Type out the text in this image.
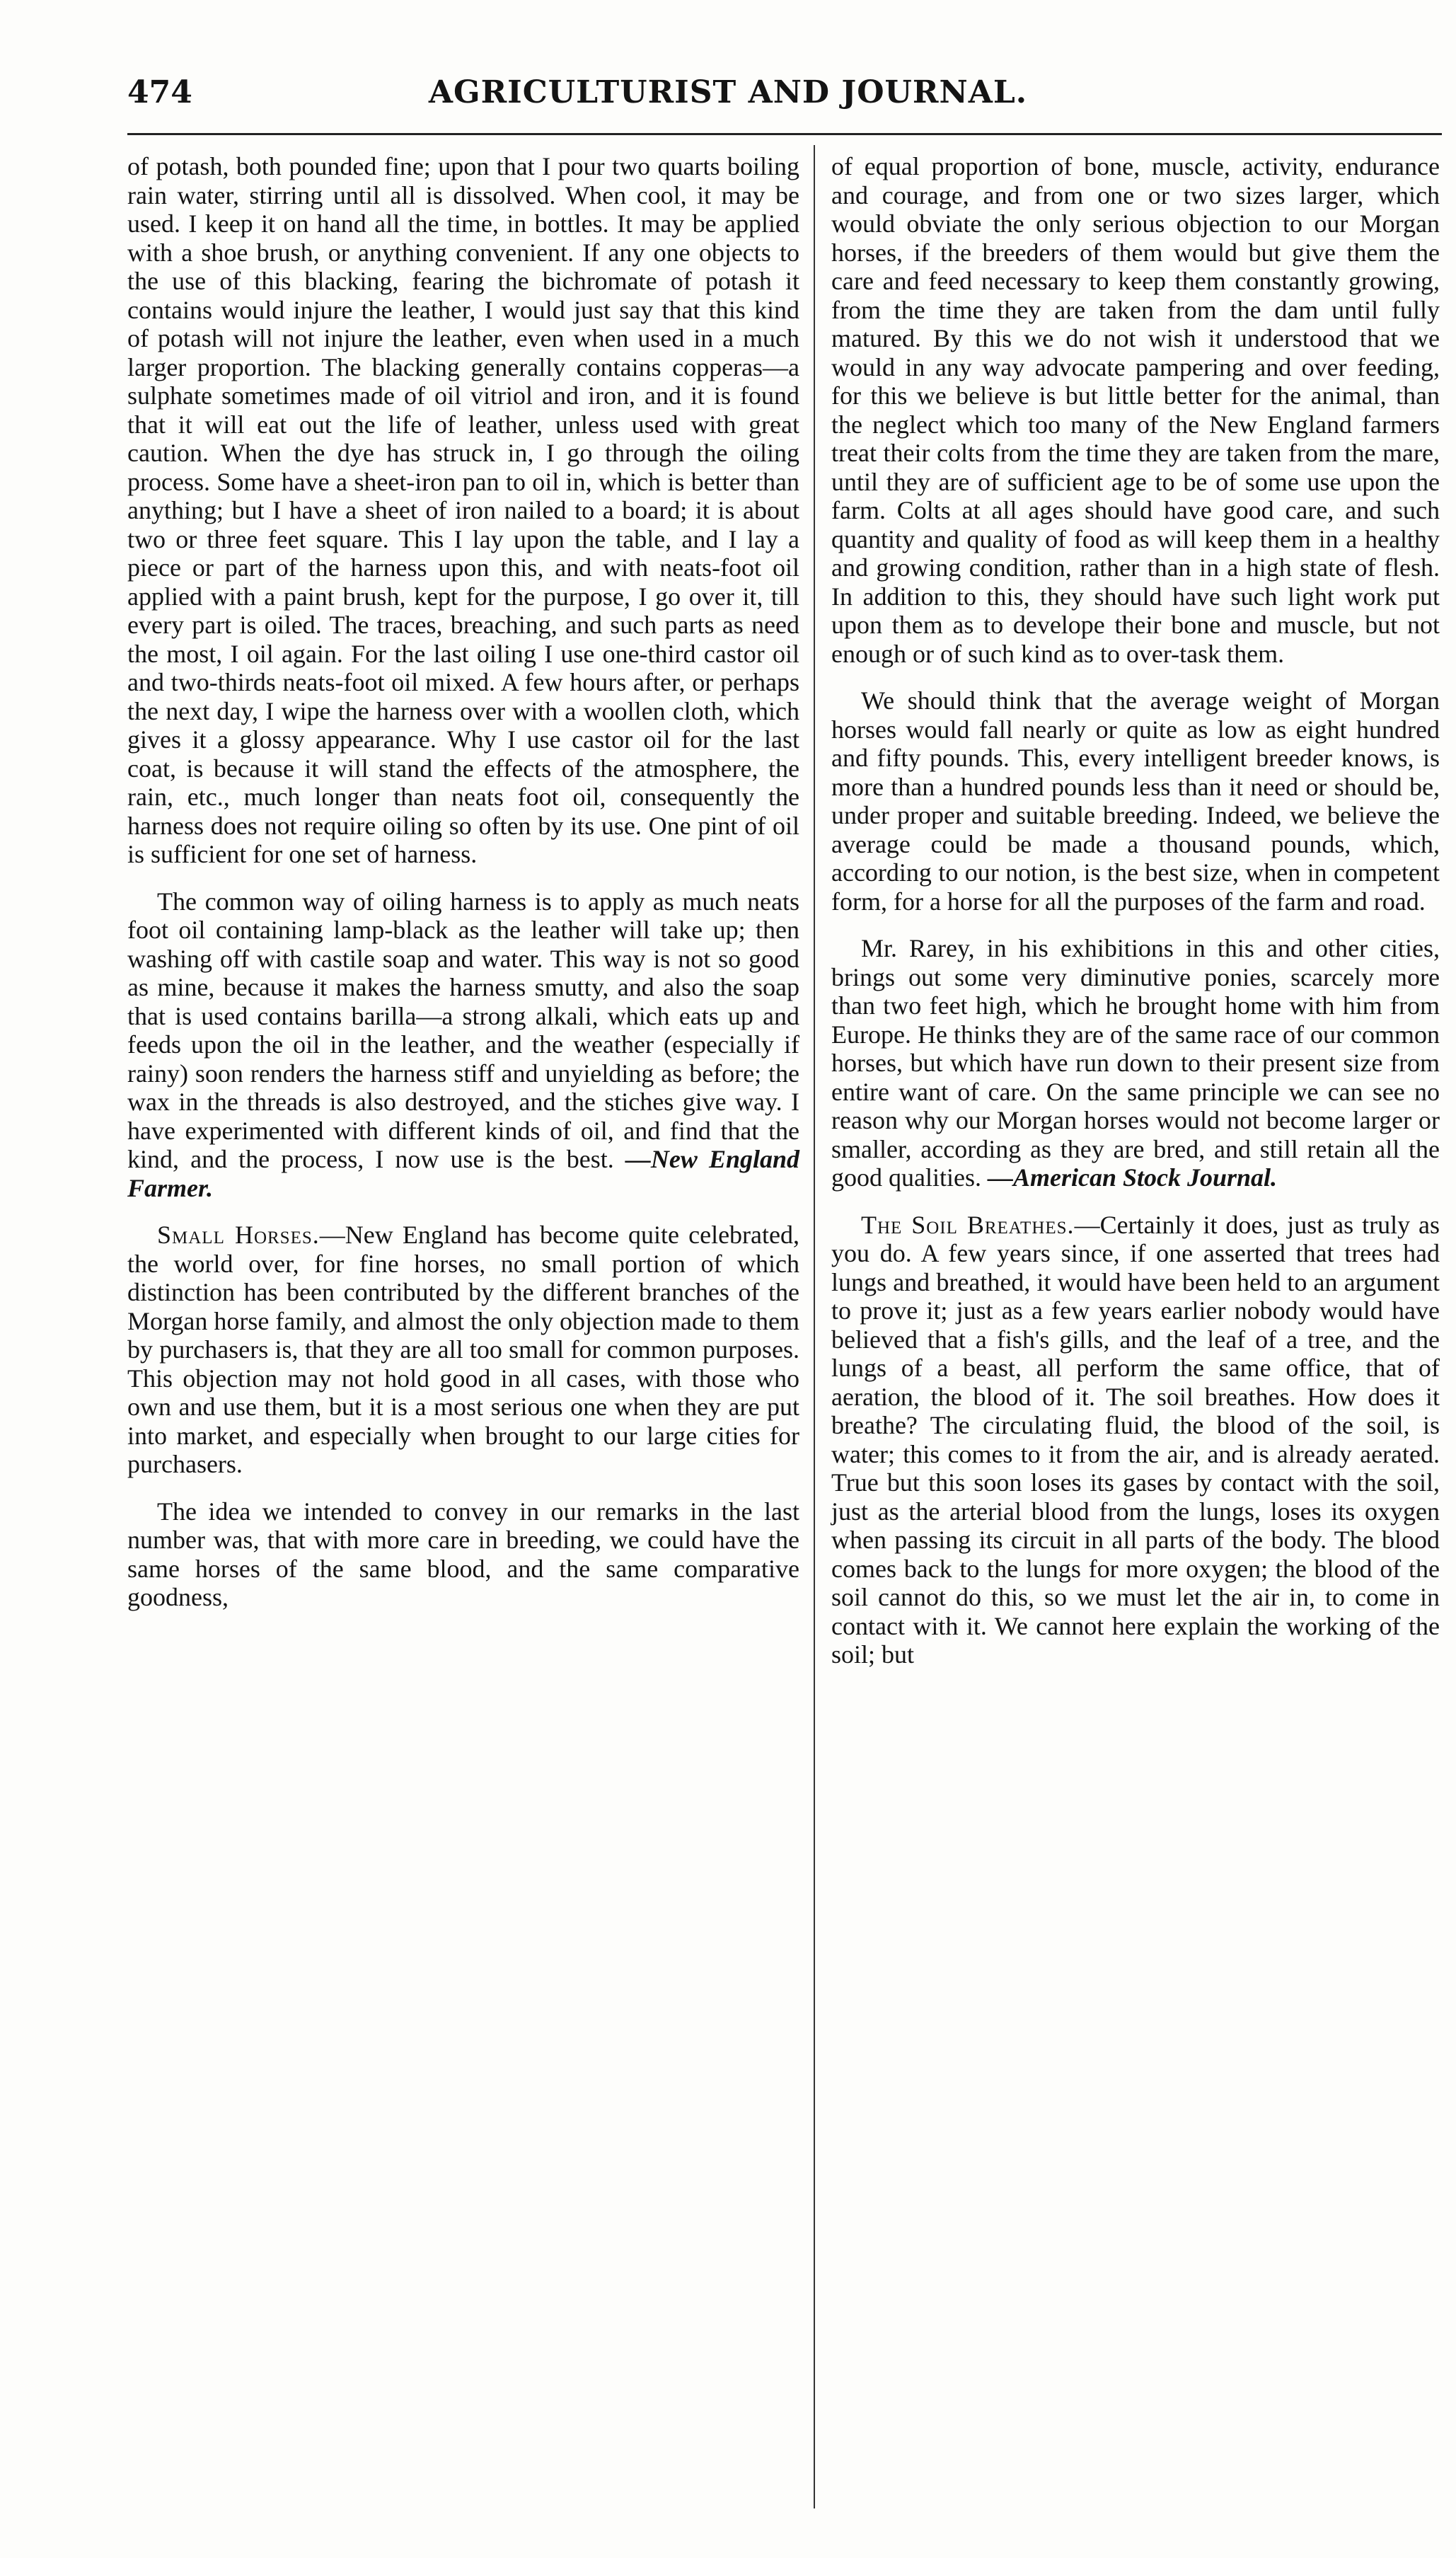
474	AGRICULTURIST AND JOURNAL.

of potash, both pounded fine; upon that I pour two quarts boiling rain water, stirring until all is dissolved. When cool, it may be used. I keep it on hand all the time, in bottles. It may be applied with a shoe brush, or anything convenient. If any one objects to the use of this blacking, fearing the bichromate of potash it contains would injure the leather, I would just say that this kind of potash will not injure the leather, even when used in a much larger proportion. The blacking generally contains copperas—a sulphate sometimes made of oil vitriol and iron, and it is found that it will eat out the life of leather, unless used with great caution. When the dye has struck in, I go through the oiling process. Some have a sheet-iron pan to oil in, which is better than anything; but I have a sheet of iron nailed to a board; it is about two or three feet square. This I lay upon the table, and I lay a piece or part of the harness upon this, and with neats-foot oil applied with a paint brush, kept for the purpose, I go over it, till every part is oiled. The traces, breaching, and such parts as need the most, I oil again. For the last oiling I use one-third castor oil and two-thirds neats-foot oil mixed. A few hours after, or perhaps the next day, I wipe the harness over with a woollen cloth, which gives it a glossy appearance. Why I use castor oil for the last coat, is because it will stand the effects of the atmosphere, the rain, etc., much longer than neats foot oil, consequently the harness does not require oiling so often by its use. One pint of oil is sufficient for one set of harness.

The common way of oiling harness is to apply as much neats foot oil containing lamp-black as the leather will take up; then washing off with castile soap and water. This way is not so good as mine, because it makes the harness smutty, and also the soap that is used contains barilla—a strong alkali, which eats up and feeds upon the oil in the leather, and the weather (especially if rainy) soon renders the harness stiff and unyielding as before; the wax in the threads is also destroyed, and the stiches give way. I have experimented with different kinds of oil, and find that the kind, and the process, I now use is the best. —New England Farmer.

Small Horses.—New England has become quite celebrated, the world over, for fine horses, no small portion of which distinction has been contributed by the different branches of the Morgan horse family, and almost the only objection made to them by purchasers is, that they are all too small for common purposes. This objection may not hold good in all cases, with those who own and use them, but it is a most serious one when they are put into market, and especially when brought to our large cities for purchasers.

The idea we intended to convey in our remarks in the last number was, that with more care in breeding, we could have the same horses of the same blood, and the same comparative goodness,

of equal proportion of bone, muscle, activity, endurance and courage, and from one or two sizes larger, which would obviate the only serious objection to our Morgan horses, if the breeders of them would but give them the care and feed necessary to keep them constantly growing, from the time they are taken from the dam until fully matured. By this we do not wish it understood that we would in any way advocate pampering and over feeding, for this we believe is but little better for the animal, than the neglect which too many of the New England farmers treat their colts from the time they are taken from the mare, until they are of sufficient age to be of some use upon the farm. Colts at all ages should have good care, and such quantity and quality of food as will keep them in a healthy and growing condition, rather than in a high state of flesh. In addition to this, they should have such light work put upon them as to develope their bone and muscle, but not enough or of such kind as to over-task them.

We should think that the average weight of Morgan horses would fall nearly or quite as low as eight hundred and fifty pounds. This, every intelligent breeder knows, is more than a hundred pounds less than it need or should be, under proper and suitable breeding. Indeed, we believe the average could be made a thousand pounds, which, according to our notion, is the best size, when in competent form, for a horse for all the purposes of the farm and road.

Mr. Rarey, in his exhibitions in this and other cities, brings out some very diminutive ponies, scarcely more than two feet high, which he brought home with him from Europe. He thinks they are of the same race of our common horses, but which have run down to their present size from entire want of care. On the same principle we can see no reason why our Morgan horses would not become larger or smaller, according as they are bred, and still retain all the good qualities. —American Stock Journal.

The Soil Breathes.—Certainly it does, just as truly as you do. A few years since, if one asserted that trees had lungs and breathed, it would have been held to an argument to prove it; just as a few years earlier nobody would have believed that a fish's gills, and the leaf of a tree, and the lungs of a beast, all perform the same office, that of aeration, the blood of it. The soil breathes. How does it breathe? The circulating fluid, the blood of the soil, is water; this comes to it from the air, and is already aerated. True but this soon loses its gases by contact with the soil, just as the arterial blood from the lungs, loses its oxygen when passing its circuit in all parts of the body. The blood comes back to the lungs for more oxygen; the blood of the soil cannot do this, so we must let the air in, to come in contact with it. We cannot here explain the working of the soil; but
